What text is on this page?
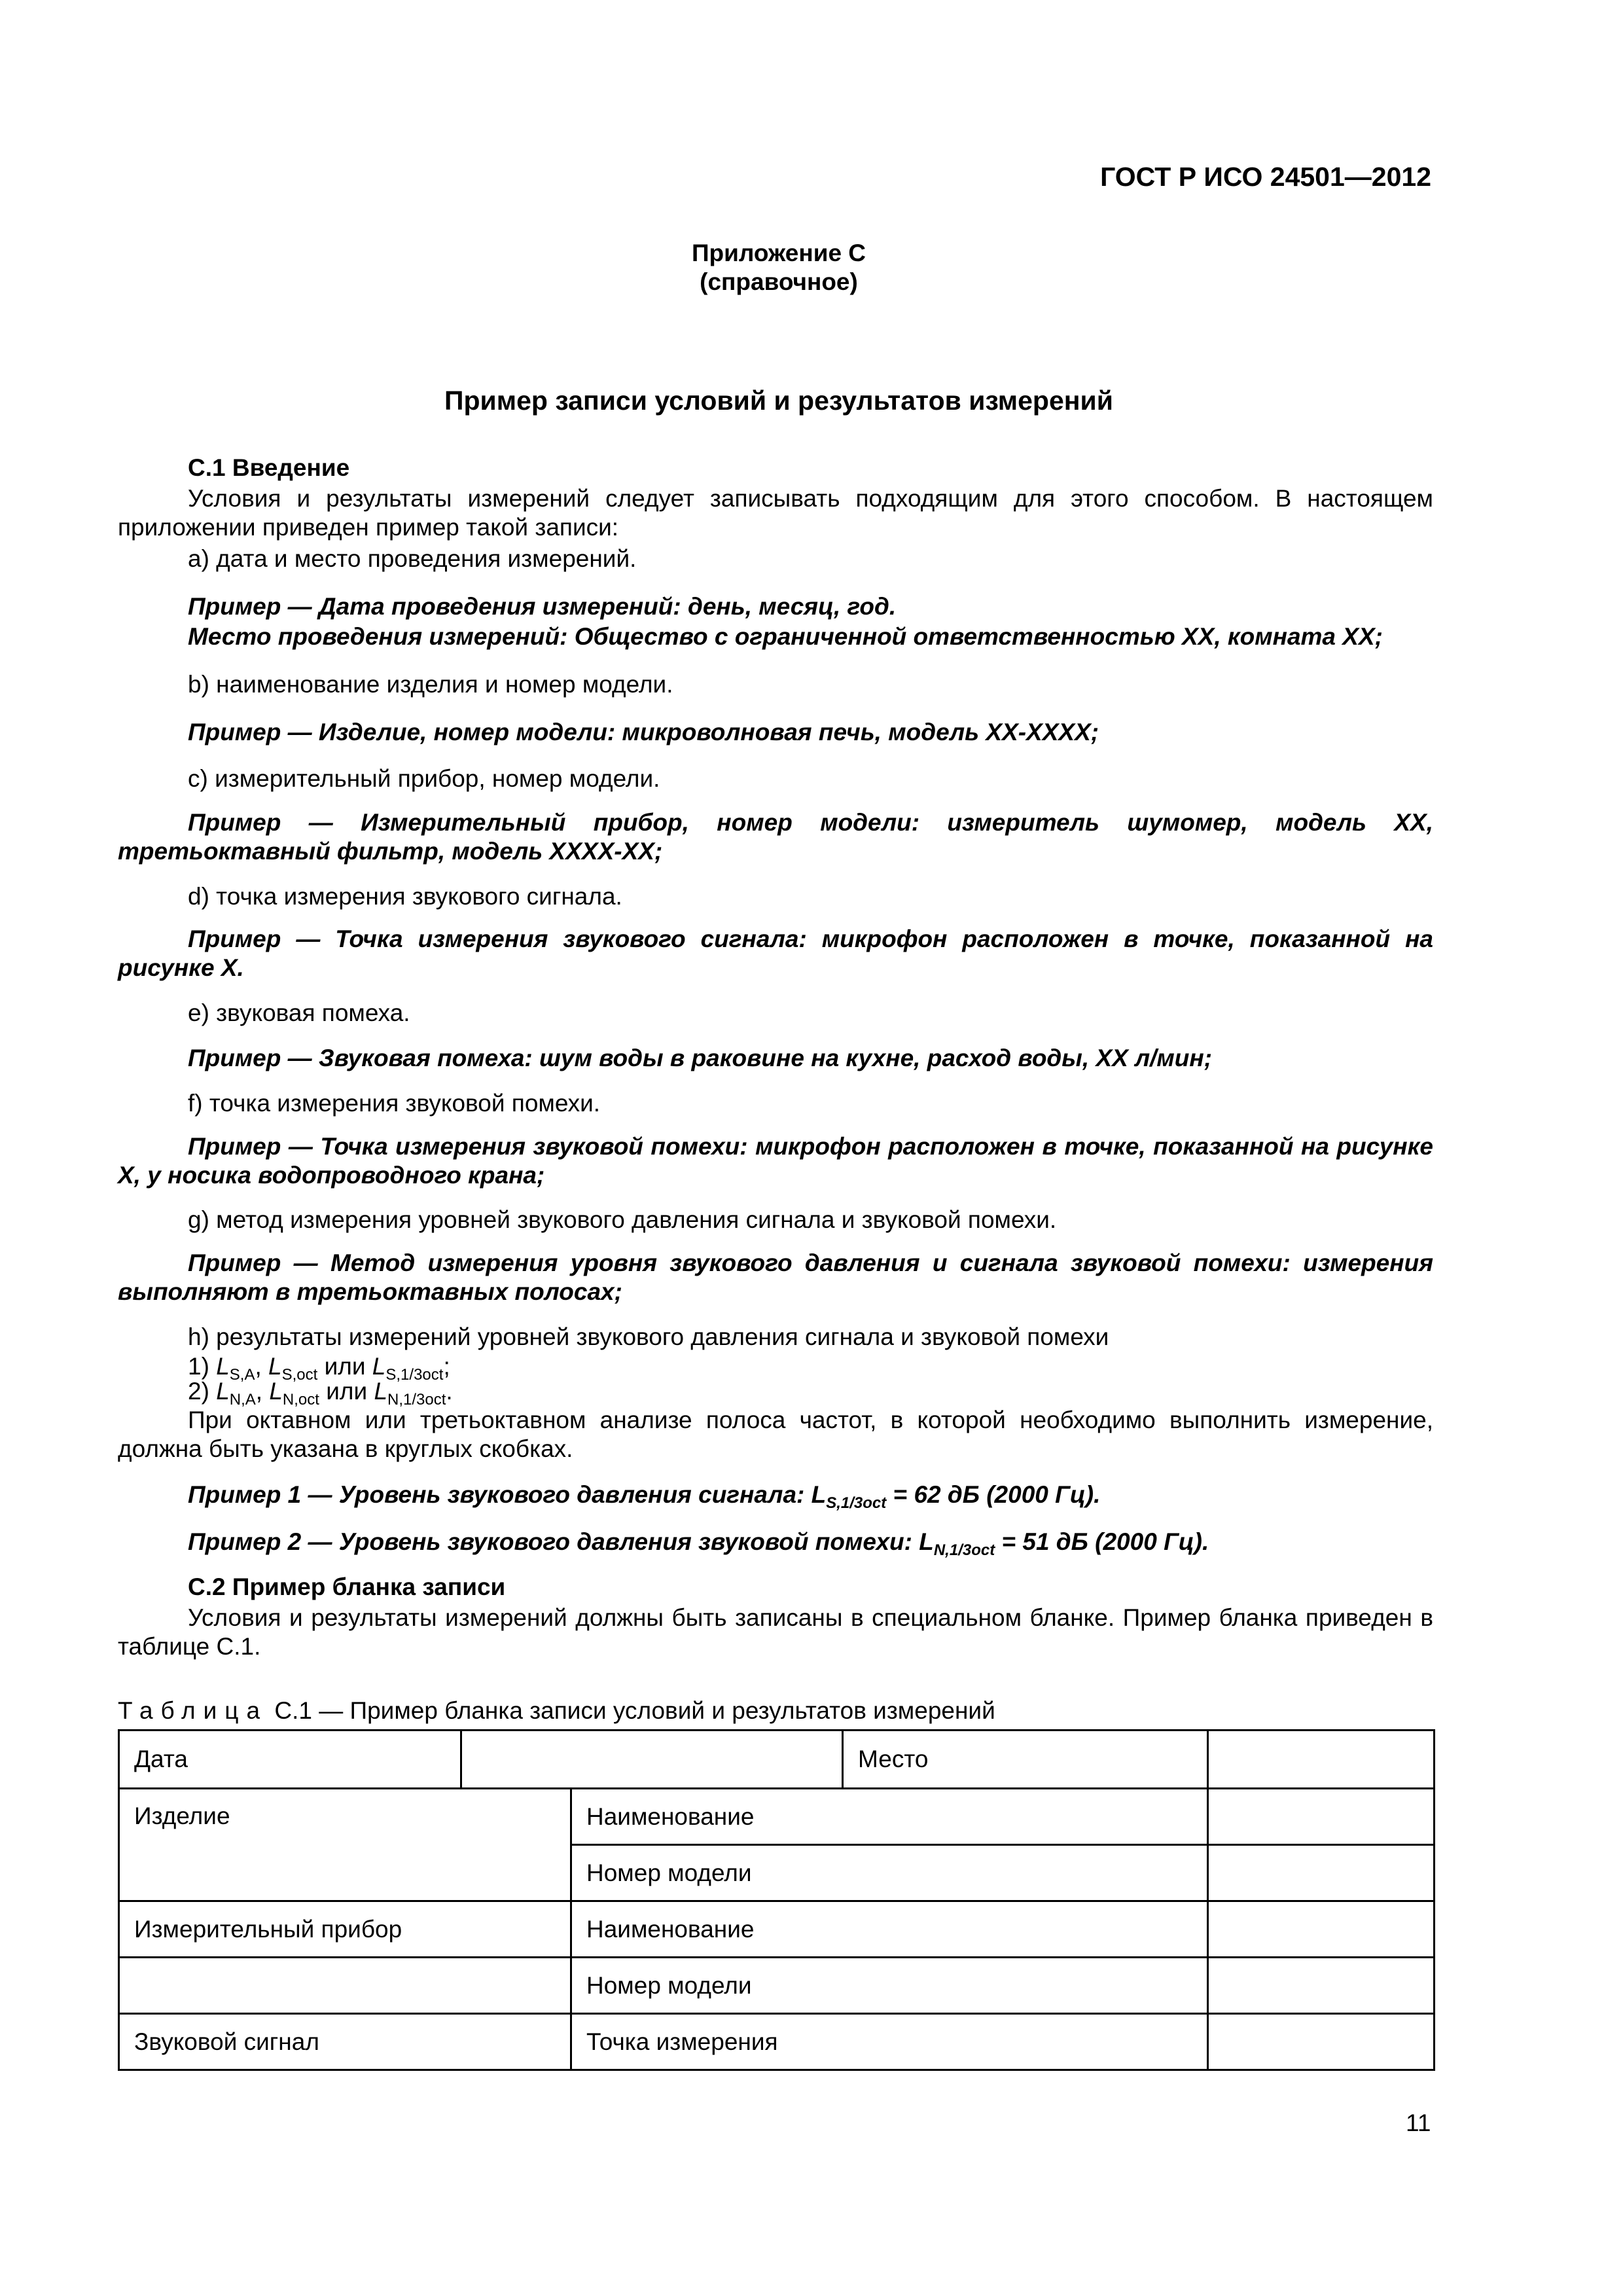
ГОСТ Р ИСО 24501—2012
Приложение C
(справочное)
Пример записи условий и результатов измерений
C.1 Введение
Условия и результаты измерений следует записывать подходящим для этого способом. В настоящем приложении приведен пример такой записи:
а) дата и место проведения измерений.
Пример — Дата проведения измерений: день, месяц, год.
Место проведения измерений: Общество с ограниченной ответственностью XX, комната XX;
b) наименование изделия и номер модели.
Пример — Изделие, номер модели: микроволновая печь, модель XX-XXXX;
c) измерительный прибор, номер модели.
Пример — Измерительный прибор, номер модели: измеритель шумомер, модель XX, третьоктавный фильтр, модель XXXX-XX;
d) точка измерения звукового сигнала.
Пример — Точка измерения звукового сигнала: микрофон расположен в точке, показанной на рисунке X.
e) звуковая помеха.
Пример — Звуковая помеха: шум воды в раковине на кухне, расход воды, XX л/мин;
f) точка измерения звуковой помехи.
Пример — Точка измерения звуковой помехи: микрофон расположен в точке, показанной на рисунке X, у носика водопроводного крана;
g) метод измерения уровней звукового давления сигнала и звуковой помехи.
Пример — Метод измерения уровня звукового давления и сигнала звуковой помехи: измерения выполняют в третьоктавных полосах;
h) результаты измерений уровней звукового давления сигнала и звуковой помехи
1) $L_{S,A}$, $L_{S,oct}$ или $L_{S,1/3oct}$;
2) $L_{N,A}$, $L_{N,oct}$ или $L_{N,1/3oct}$.
При октавном или третьоктавном анализе полоса частот, в которой необходимо выполнить измерение, должна быть указана в круглых скобках.
Пример 1 — Уровень звукового давления сигнала: $L_{S,1/3oct} = 62$ дБ (2000 Гц).
Пример 2 — Уровень звукового давления звуковой помехи: $L_{N,1/3oct} = 51$ дБ (2000 Гц).
C.2 Пример бланка записи
Условия и результаты измерений должны быть записаны в специальном бланке. Пример бланка приведен в таблице C.1.
Таблица C.1 — Пример бланка записи условий и результатов измерений
Дата			Место	
Изделие		Наименование		
		Номер модели		
Измерительный прибор		Наименование		
		Номер модели		
Звуковой сигнал		Точка измерения		
11
